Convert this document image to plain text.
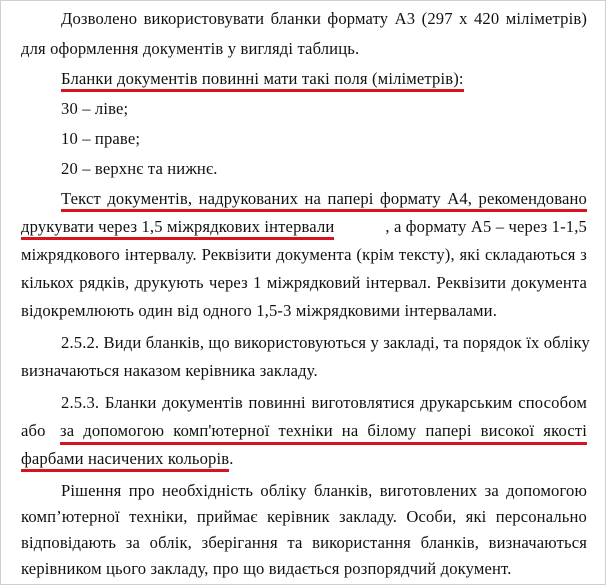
Дозволено використовувати бланки формату А3 (297 х 420 міліметрів)
для оформлення документів у вигляді таблиць.
Бланки документів повинні мати такі поля (міліметрів):
30 – ліве;
10 – праве;
20 – верхнє та нижнє.
Текст документів, надрукованих на папері формату А4, рекомендовано
друкувати через 1,5 міжрядкових інтервали	, а формату А5 – через 1-1,5
міжрядкового інтервалу. Реквізити документа (крім тексту), які складаються з
кількох рядків, друкують через 1 міжрядковий інтервал. Реквізити документа
відокремлюють один від одного 1,5-3 міжрядковими інтервалами.
2.5.2. Види бланків, що використовуються у закладі, та порядок їх обліку
визначаються наказом керівника закладу.
2.5.3. Бланки документів повинні виготовлятися друкарським способом
або за допомогою комп'ютерної техніки на білому папері високої якості
фарбами насичених кольорів.
Рішення про необхідність обліку бланків, виготовлених за допомогою
комп’ютерної техніки, приймає керівник закладу. Особи, які персонально
відповідають за облік, зберігання та використання бланків, визначаються
керівником цього закладу, про що видається розпорядчий документ.
